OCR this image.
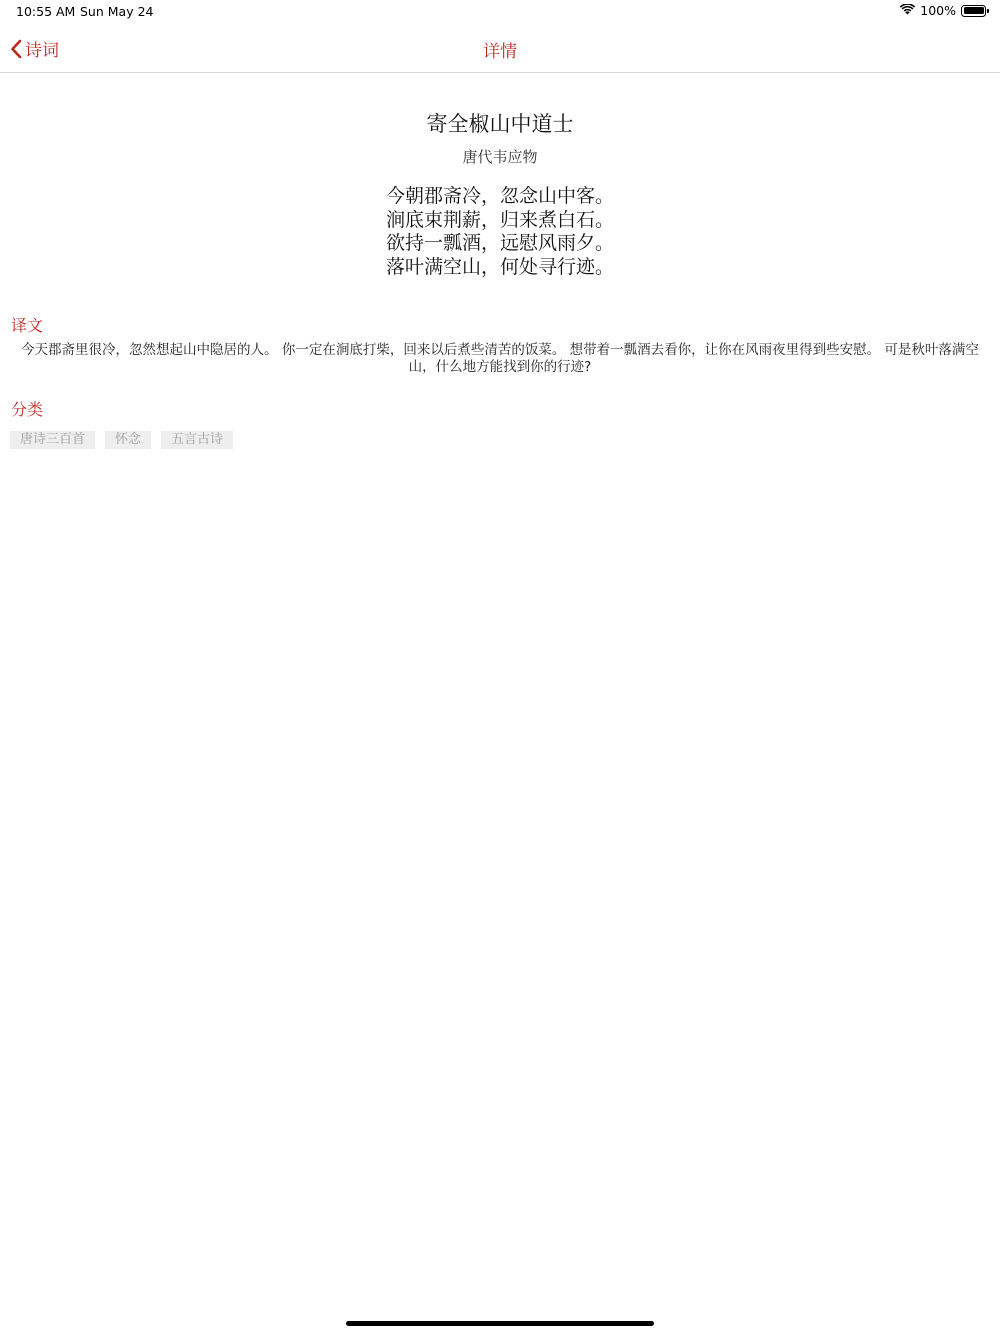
10:55 AM Sun May 24	100%
诗词	详情
寄全椒山中道士
唐代韦应物
今朝郡斋冷，忽念山中客。
涧底束荆薪，归来煮白石。
欲持一瓢酒，远慰风雨夕。
落叶满空山，何处寻行迹。
译文
今天郡斋里很冷，忽然想起山中隐居的人。 你一定在涧底打柴，回来以后煮些清苦的饭菜。 想带着一瓢酒去看你，让你在风雨夜里得到些安慰。 可是秋叶落满空山，什么地方能找到你的行迹?
分类
唐诗三百首	怀念	五言古诗
